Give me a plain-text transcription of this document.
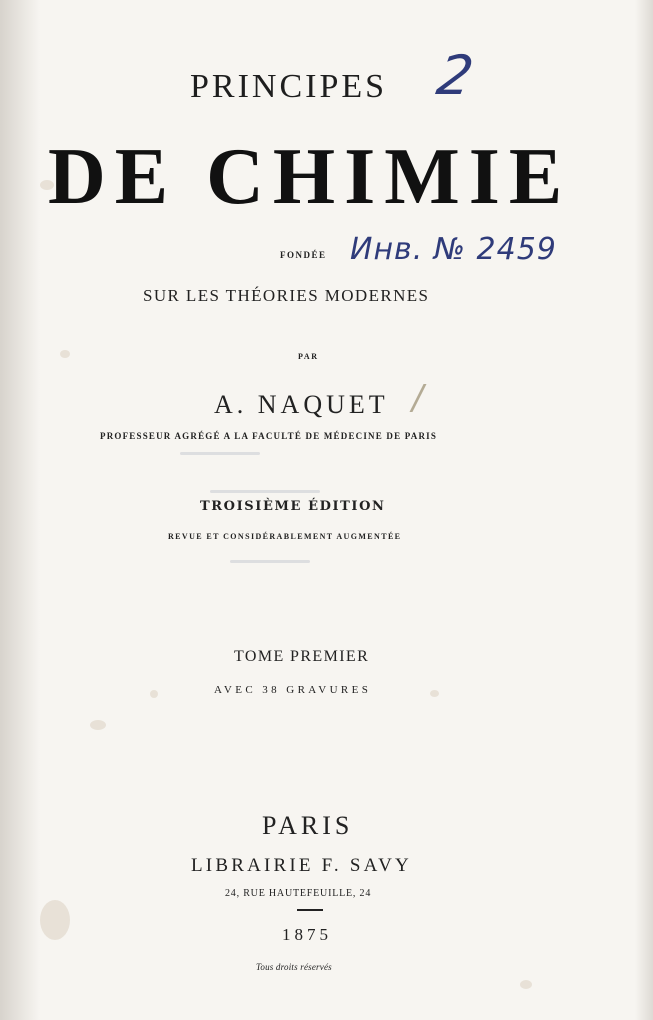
PRINCIPES
DE CHIMIE
FONDÉE
SUR LES THÉORIES MODERNES
PAR
A. NAQUET
PROFESSEUR AGRÉGÉ A LA FACULTÉ DE MÉDECINE DE PARIS
TROISIÈME ÉDITION
REVUE ET CONSIDÉRABLEMENT AUGMENTÉE
TOME PREMIER
AVEC 38 GRAVURES
PARIS
LIBRAIRIE F. SAVY
24, RUE HAUTEFEUILLE, 24
1875
Tous droits réservés
2
Инв. № 2459
/
